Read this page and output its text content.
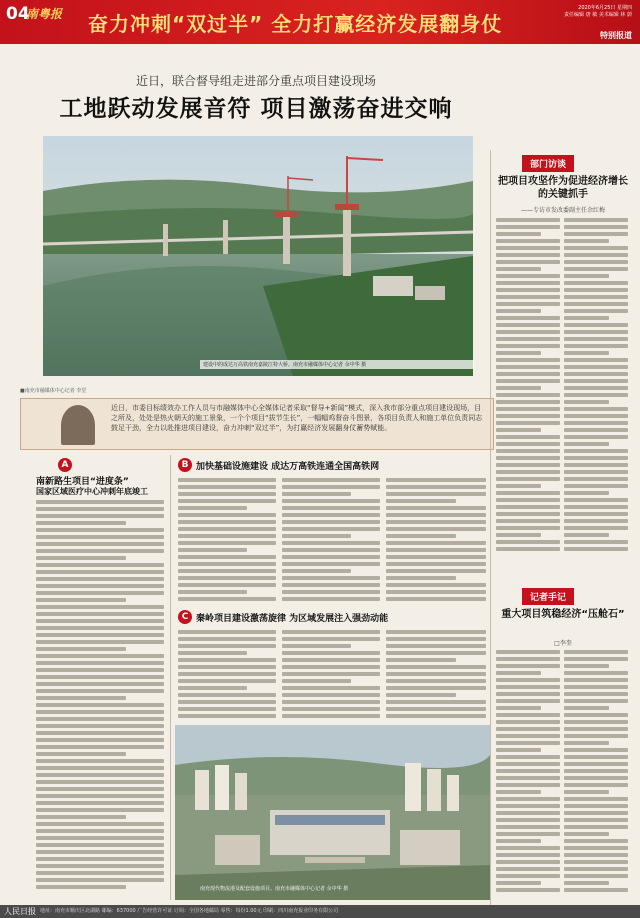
04
南粤报 奋力冲刺“双过半” 全力打赢经济发展翻身仗
2020年6月25日 星期四
责任编辑 唐 敏 美术编辑 林 蔚
特别报道
近日，联合督导组走进部分重点项目建设现场
工地跃动发展音符 项目激荡奋进交响
建设中的成达万高铁南充嘉陵江特大桥。南充市融媒体中心记者 余中华 摄
■南充市融媒体中心记者 李堂
近日，市委目标绩效办工作人员与市融媒体中心全媒体记者采取“督导+新闻”模式，深入我市部分重点项目建设现场，目之所及，处处是热火朝天的施工景象，一个个项目“拔节生长”，一幅幅鸡督奋斗图景，各项目负责人和施工单位负责同志鼓足干劲，全力以赴推进项目建设，奋力冲刺“双过半”，为打赢经济发展翻身仗蓄势赋能。
A
南新路生项目“进度条”
国家区域医疗中心冲刺年底竣工
B 加快基础设施建设 成达万高铁连通全国高铁网
C 秦岭项目建设激荡旋律 为区域发展注入强劲动能
南充现代物流港及配套设施项目。南充市融媒体中心记者 余中华 摄
部门访谈
把项目攻坚作为促进经济增长的关键抓手
——专访市发改委副主任余红梅
记者手记
重大项目筑稳经济“压舱石”
□李奎
人民日报 地址：南充市顺庆区北湖路 邮编：637000 广告经营许可证 订阅：全国各地邮局 零售：每份1.00元 印刷：四川南充报业印务有限公司
